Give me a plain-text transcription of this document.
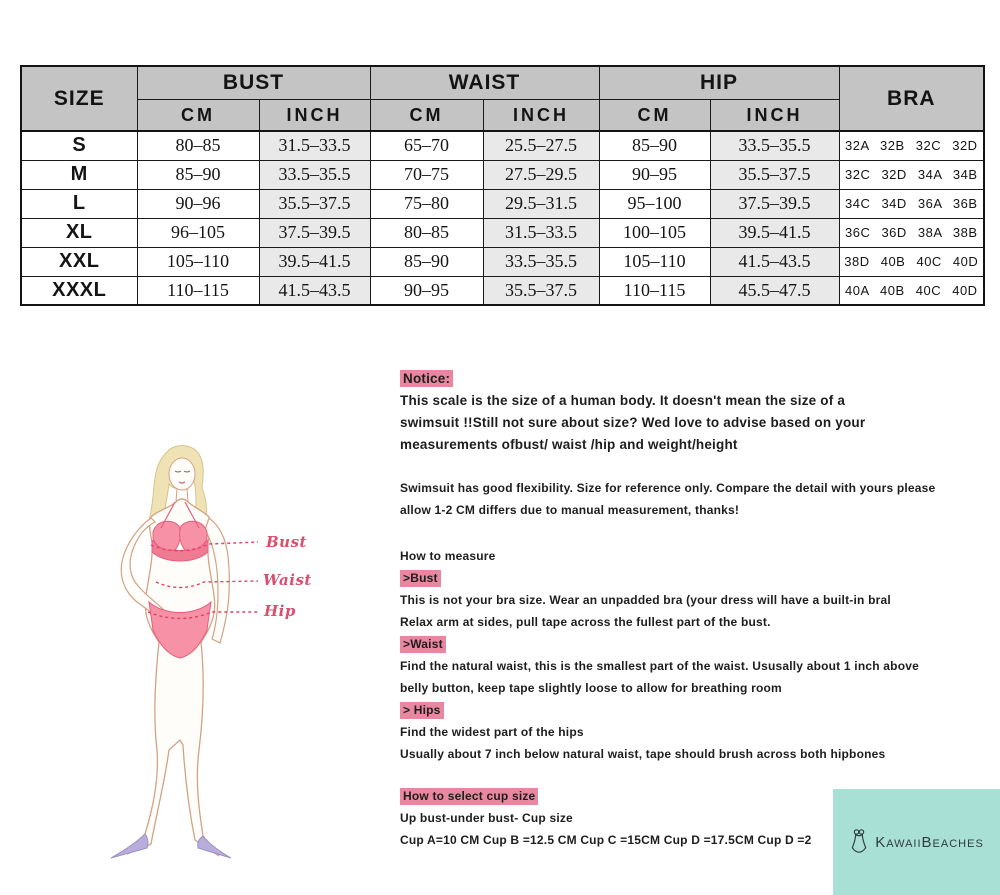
SIZE	BUST		WAIST		HIP		BRA
	CM	INCH	CM	INCH	CM	INCH	
S	80–85	31.5–33.5	65–70	25.5–27.5	85–90	33.5–35.5	32A 32B 32C 32D
M	85–90	33.5–35.5	70–75	27.5–29.5	90–95	35.5–37.5	32C 32D 34A 34B
L	90–96	35.5–37.5	75–80	29.5–31.5	95–100	37.5–39.5	34C 34D 36A 36B
XL	96–105	37.5–39.5	80–85	31.5–33.5	100–105	39.5–41.5	36C 36D 38A 38B
XXL	105–110	39.5–41.5	85–90	33.5–35.5	105–110	41.5–43.5	38D 40B 40C 40D
XXXL	110–115	41.5–43.5	90–95	35.5–37.5	110–115	45.5–47.5	40A 40B 40C 40D
Bust
Waist
Hip
Notice:
This scale is the size of a human body. It doesn't mean the size of a
swimsuit !!Still not sure about size? Wed love to advise based on your
measurements ofbust/ waist /hip and weight/height
Swimsuit has good flexibility. Size for reference only. Compare the detail with yours please
allow 1-2 CM differs due to manual measurement, thanks!
How to measure
>Bust
This is not your bra size. Wear an unpadded bra (your dress will have a built-in bral
Relax arm at sides, pull tape across the fullest part of the bust.
>Waist
Find the natural waist, this is the smallest part of the waist. Ususally about 1 inch above
belly button, keep tape slightly loose to allow for breathing room
> Hips
Find the widest part of the hips
Usually about 7 inch below natural waist, tape should brush across both hipbones
How to select cup size
Up bust-under bust- Cup size
Cup A=10 CM Cup B =12.5 CM Cup C =15CM Cup D =17.5CM Cup D =2	KawaiiBeaches
